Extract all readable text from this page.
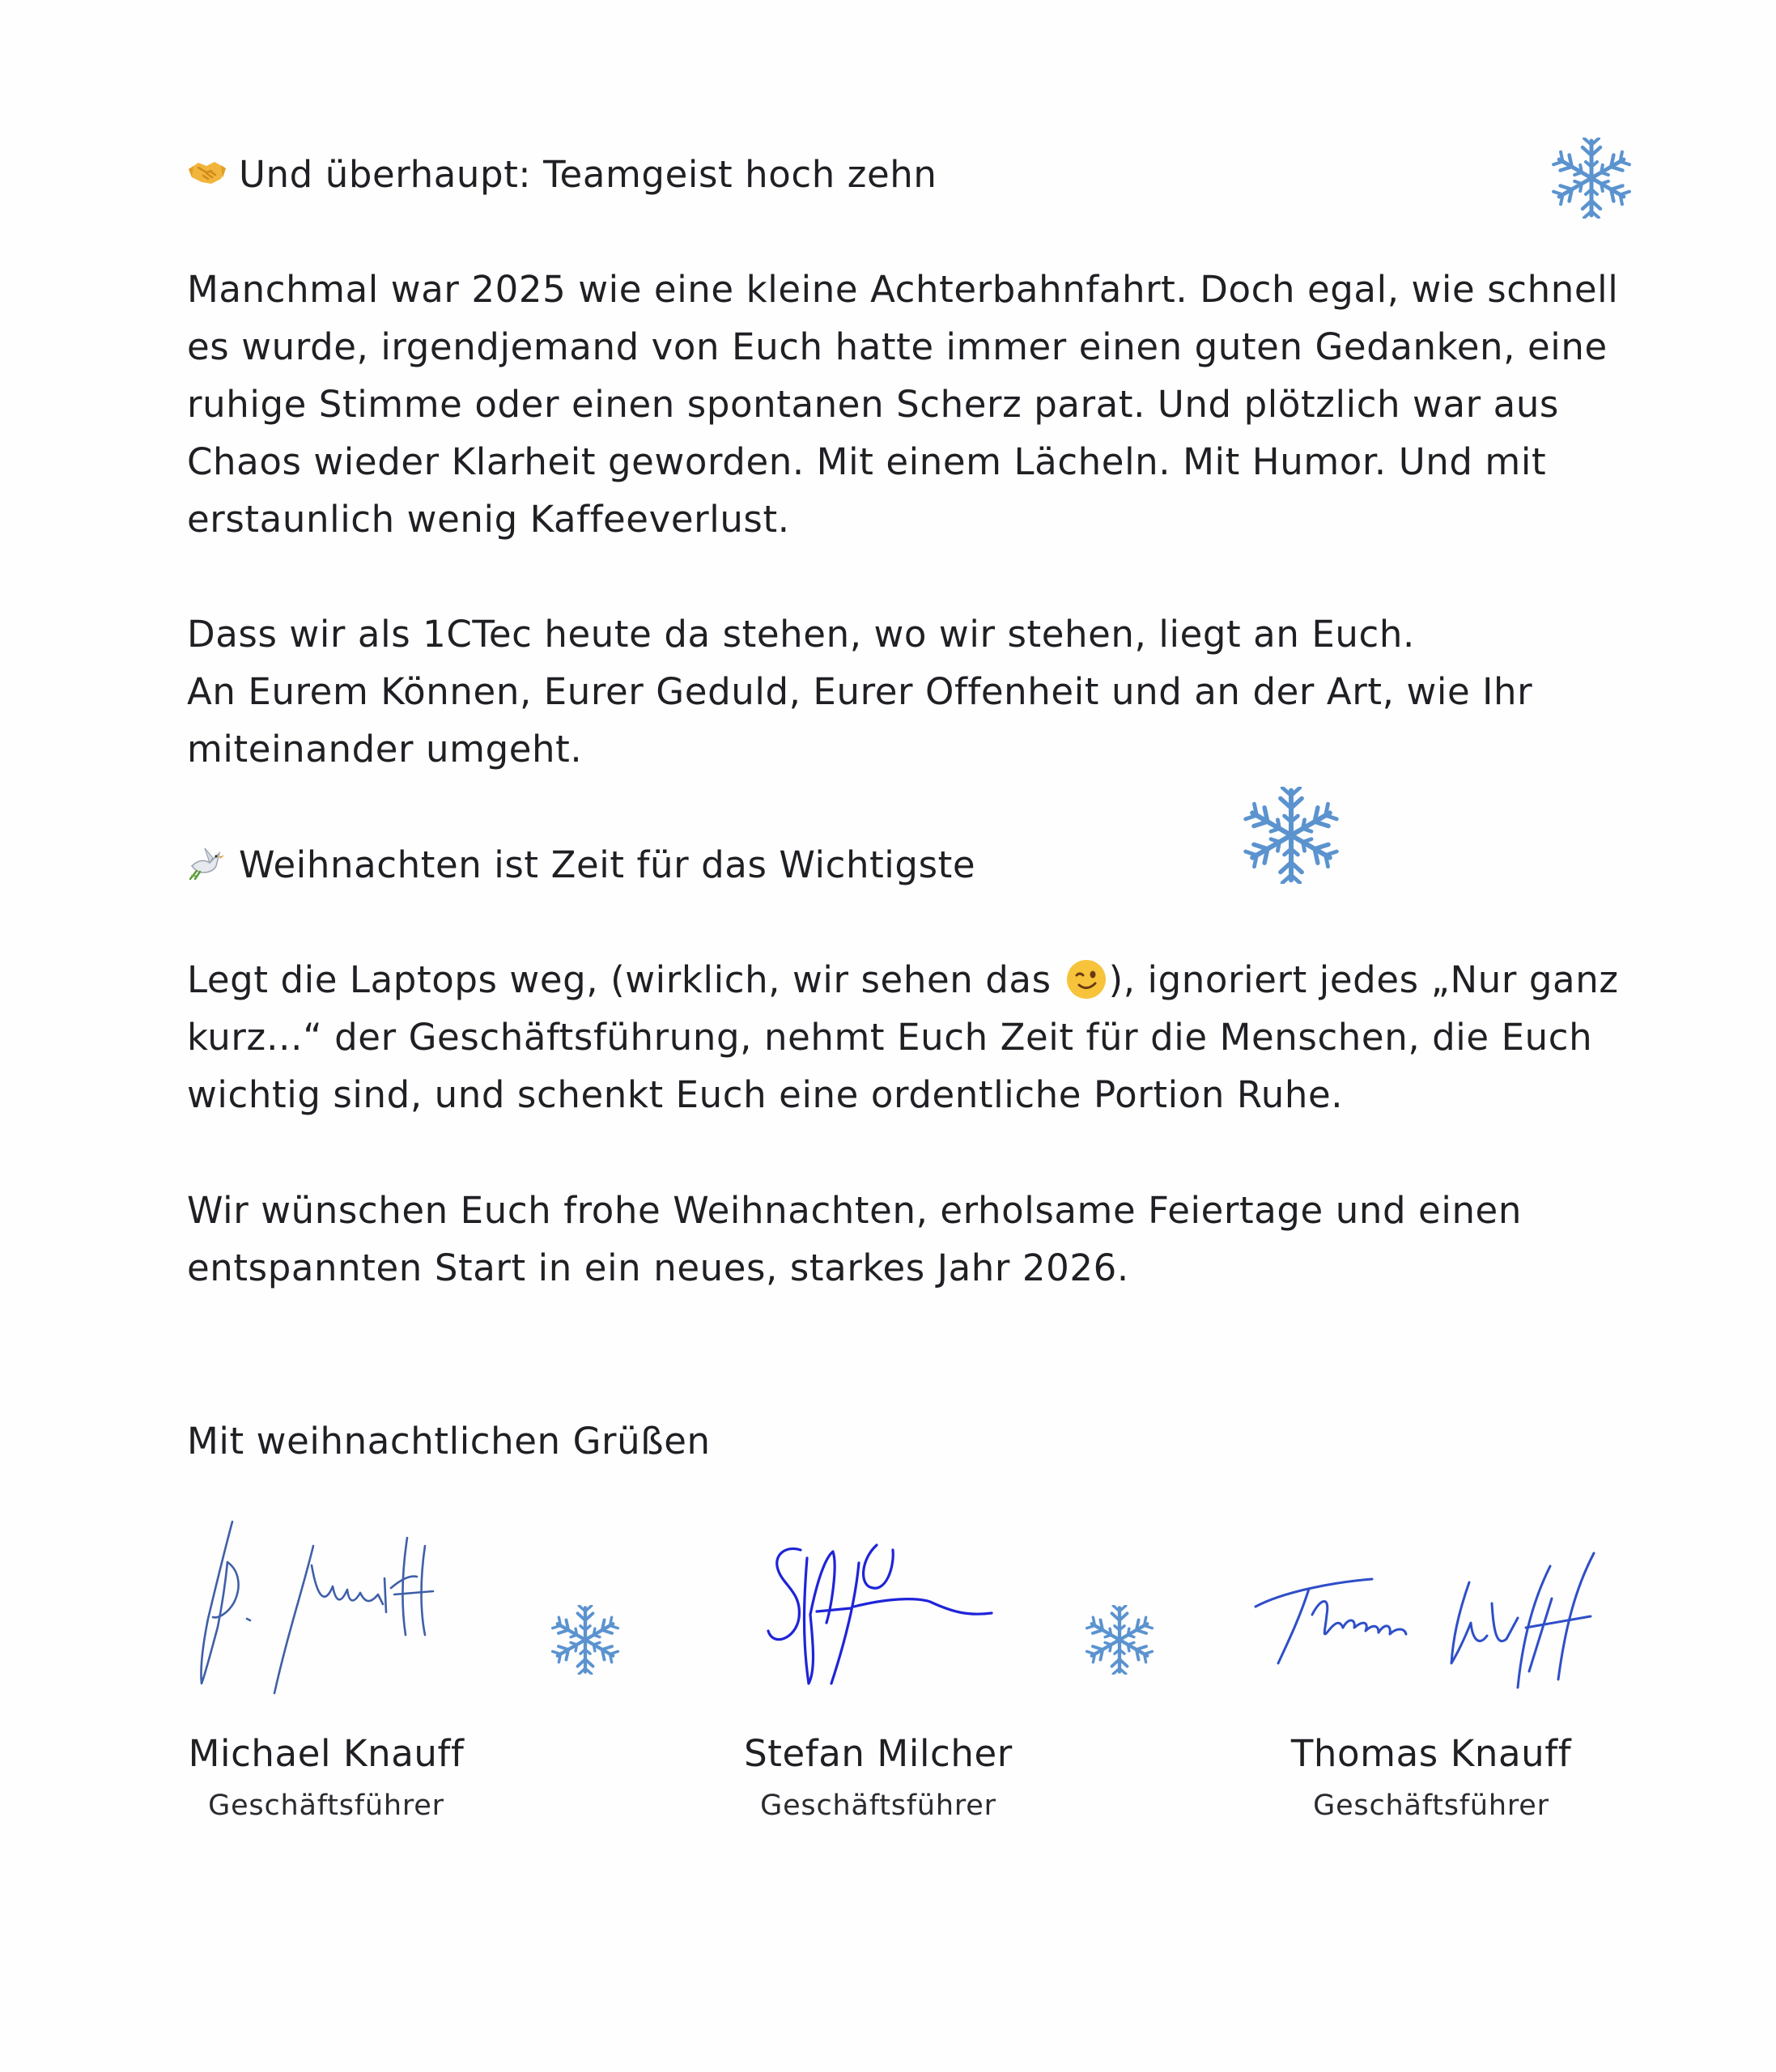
Und überhaupt: Teamgeist hoch zehn
Manchmal war 2025 wie eine kleine Achterbahnfahrt. Doch egal, wie schnell
es wurde, irgendjemand von Euch hatte immer einen guten Gedanken, eine
ruhige Stimme oder einen spontanen Scherz parat. Und plötzlich war aus
Chaos wieder Klarheit geworden. Mit einem Lächeln. Mit Humor. Und mit
erstaunlich wenig Kaffeeverlust.
Dass wir als 1CTec heute da stehen, wo wir stehen, liegt an Euch.
An Eurem Können, Eurer Geduld, Eurer Offenheit und an der Art, wie Ihr
miteinander umgeht.
Weihnachten ist Zeit für das Wichtigste
Legt die Laptops weg, (wirklich, wir sehen das ), ignoriert jedes „Nur ganz
kurz…“ der Geschäftsführung, nehmt Euch Zeit für die Menschen, die Euch
wichtig sind, und schenkt Euch eine ordentliche Portion Ruhe.
Wir wünschen Euch frohe Weihnachten, erholsame Feiertage und einen
entspannten Start in ein neues, starkes Jahr 2026.
Mit weihnachtlichen Grüßen
Michael Knauff
Geschäftsführer
Stefan Milcher
Geschäftsführer
Thomas Knauff
Geschäftsführer
